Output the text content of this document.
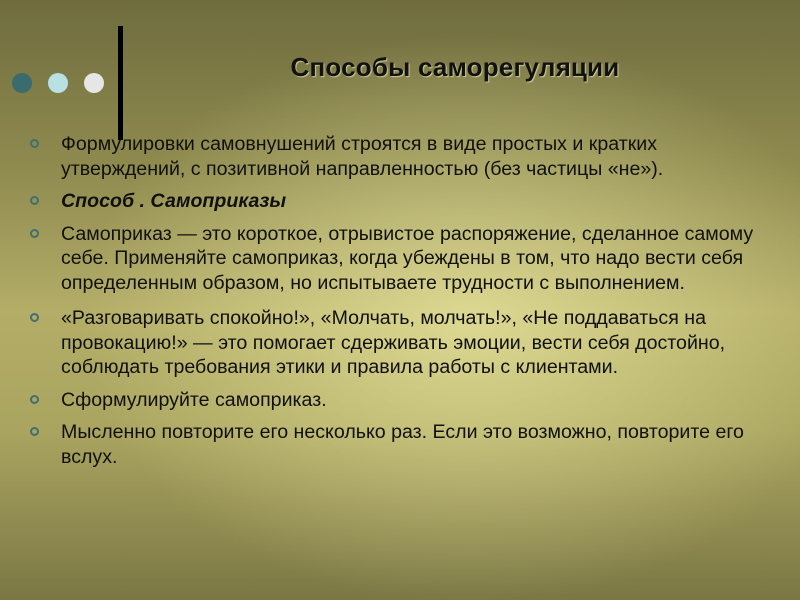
Способы саморегуляции
Формулировки самовнушений строятся в виде простых и кратких утверждений, с позитивной направленностью (без частицы «не»).
Способ . Самоприказы
Самоприказ — это короткое, отрывистое распоряжение, сделанное самому себе. Применяйте самоприказ, когда убеждены в том, что надо вести себя определенным образом, но испытываете трудности с выполнением.
«Разговаривать спокойно!», «Молчать, молчать!», «Не поддаваться на провокацию!» — это помогает сдерживать эмоции, вести себя достойно, соблюдать требования этики и правила работы с клиентами.
Сформулируйте самоприказ.
Мысленно повторите его несколько раз. Если это возможно, повторите его вслух.
